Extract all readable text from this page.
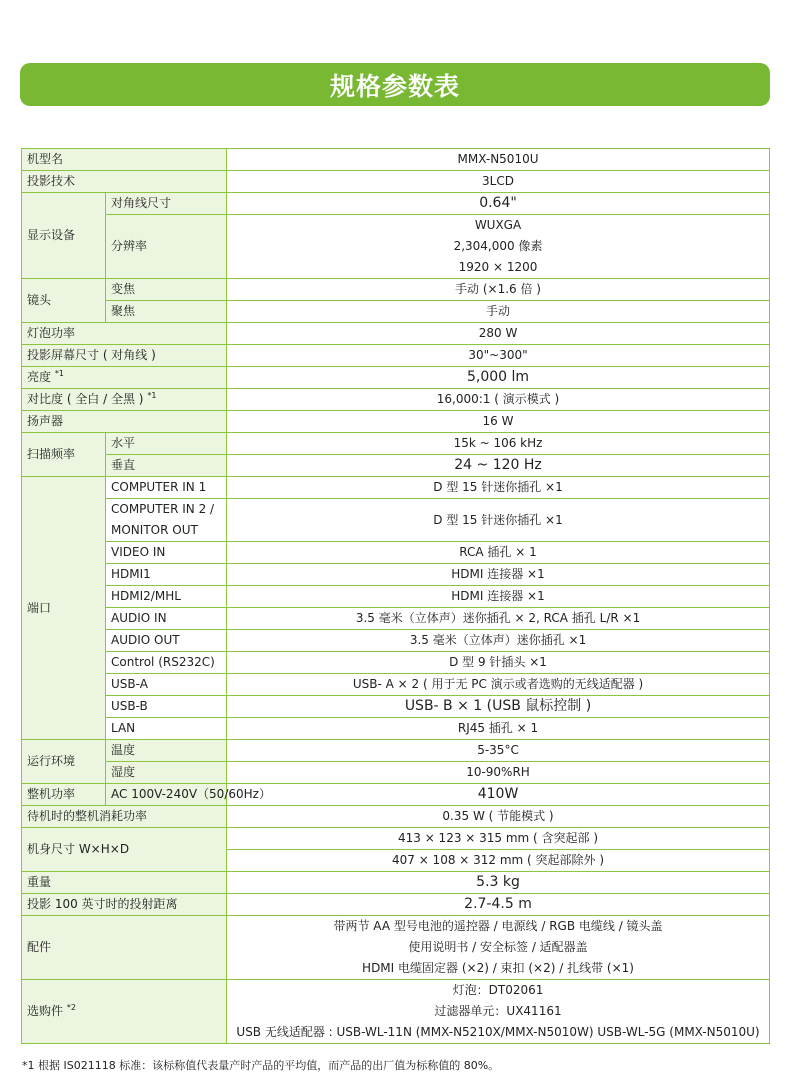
规格参数表
机型名		MMX-N5010U
投影技术		3LCD
显示设备	对角线尺寸	0.64"
	分辨率	WUXGA
2,304,000 像素
1920 × 1200

镜头	变焦	手动 (×1.6 倍 )
	聚焦	手动
灯泡功率		280 W
投影屏幕尺寸 ( 对角线 )		30"~300"
亮度 $^{*1}$		5,000 lm
对比度 ( 全白 / 全黑 ) $^{*1}$		16,000:1 ( 演示模式 )
扬声器		16 W
扫描频率	水平	15k ~ 106 kHz
	垂直	24 ~ 120 Hz
端口	COMPUTER IN 1	D 型 15 针迷你插孔 ×1

	COMPUTER IN 2 /
MONITOR OUT	D 型 15 针迷你插孔 ×1
	VIDEO IN	RCA 插孔 × 1
	HDMI1	HDMI 连接器 ×1
	HDMI2/MHL	HDMI 连接器 ×1
	AUDIO IN	3.5 毫米（立体声）迷你插孔 × 2, RCA 插孔 L/R ×1
	AUDIO OUT	3.5 毫米（立体声）迷你插孔 ×1
	Control (RS232C)	D 型 9 针插头 ×1
	USB-A	USB- A × 2 ( 用于无 PC 演示或者选购的无线适配器 )
	USB-B	USB- B × 1 (USB 鼠标控制 )
	LAN	RJ45 插孔 × 1
运行环境	温度	5-35°C
	湿度	10-90%RH
整机功率	AC 100V-240V（50/60Hz）	410W
待机时的整机消耗功率		0.35 W ( 节能模式 )
机身尺寸 W×H×D		413 × 123 × 315 mm ( 含突起部 )
		407 × 108 × 312 mm ( 突起部除外 )
重量		5.3 kg
投影 100 英寸时的投射距离		2.7-4.5 m
配件		带两节 AA 型号电池的遥控器 / 电源线 / RGB 电缆线 / 镜头盖
使用说明书 / 安全标签 / 适配器盖
HDMI 电缆固定器 (×2) / 束扣 (×2) / 扎线带 (×1)

选购件 $^{*2}$		灯泡：DT02061
过滤器单元：UX41161
USB 无线适配器 : USB-WL-11N (MMX-N5210X/MMX-N5010W) USB-WL-5G (MMX-N5010U)
*1 根据 IS021118 标准：该标称值代表量产时产品的平均值，而产品的出厂值为标称值的 80%。
